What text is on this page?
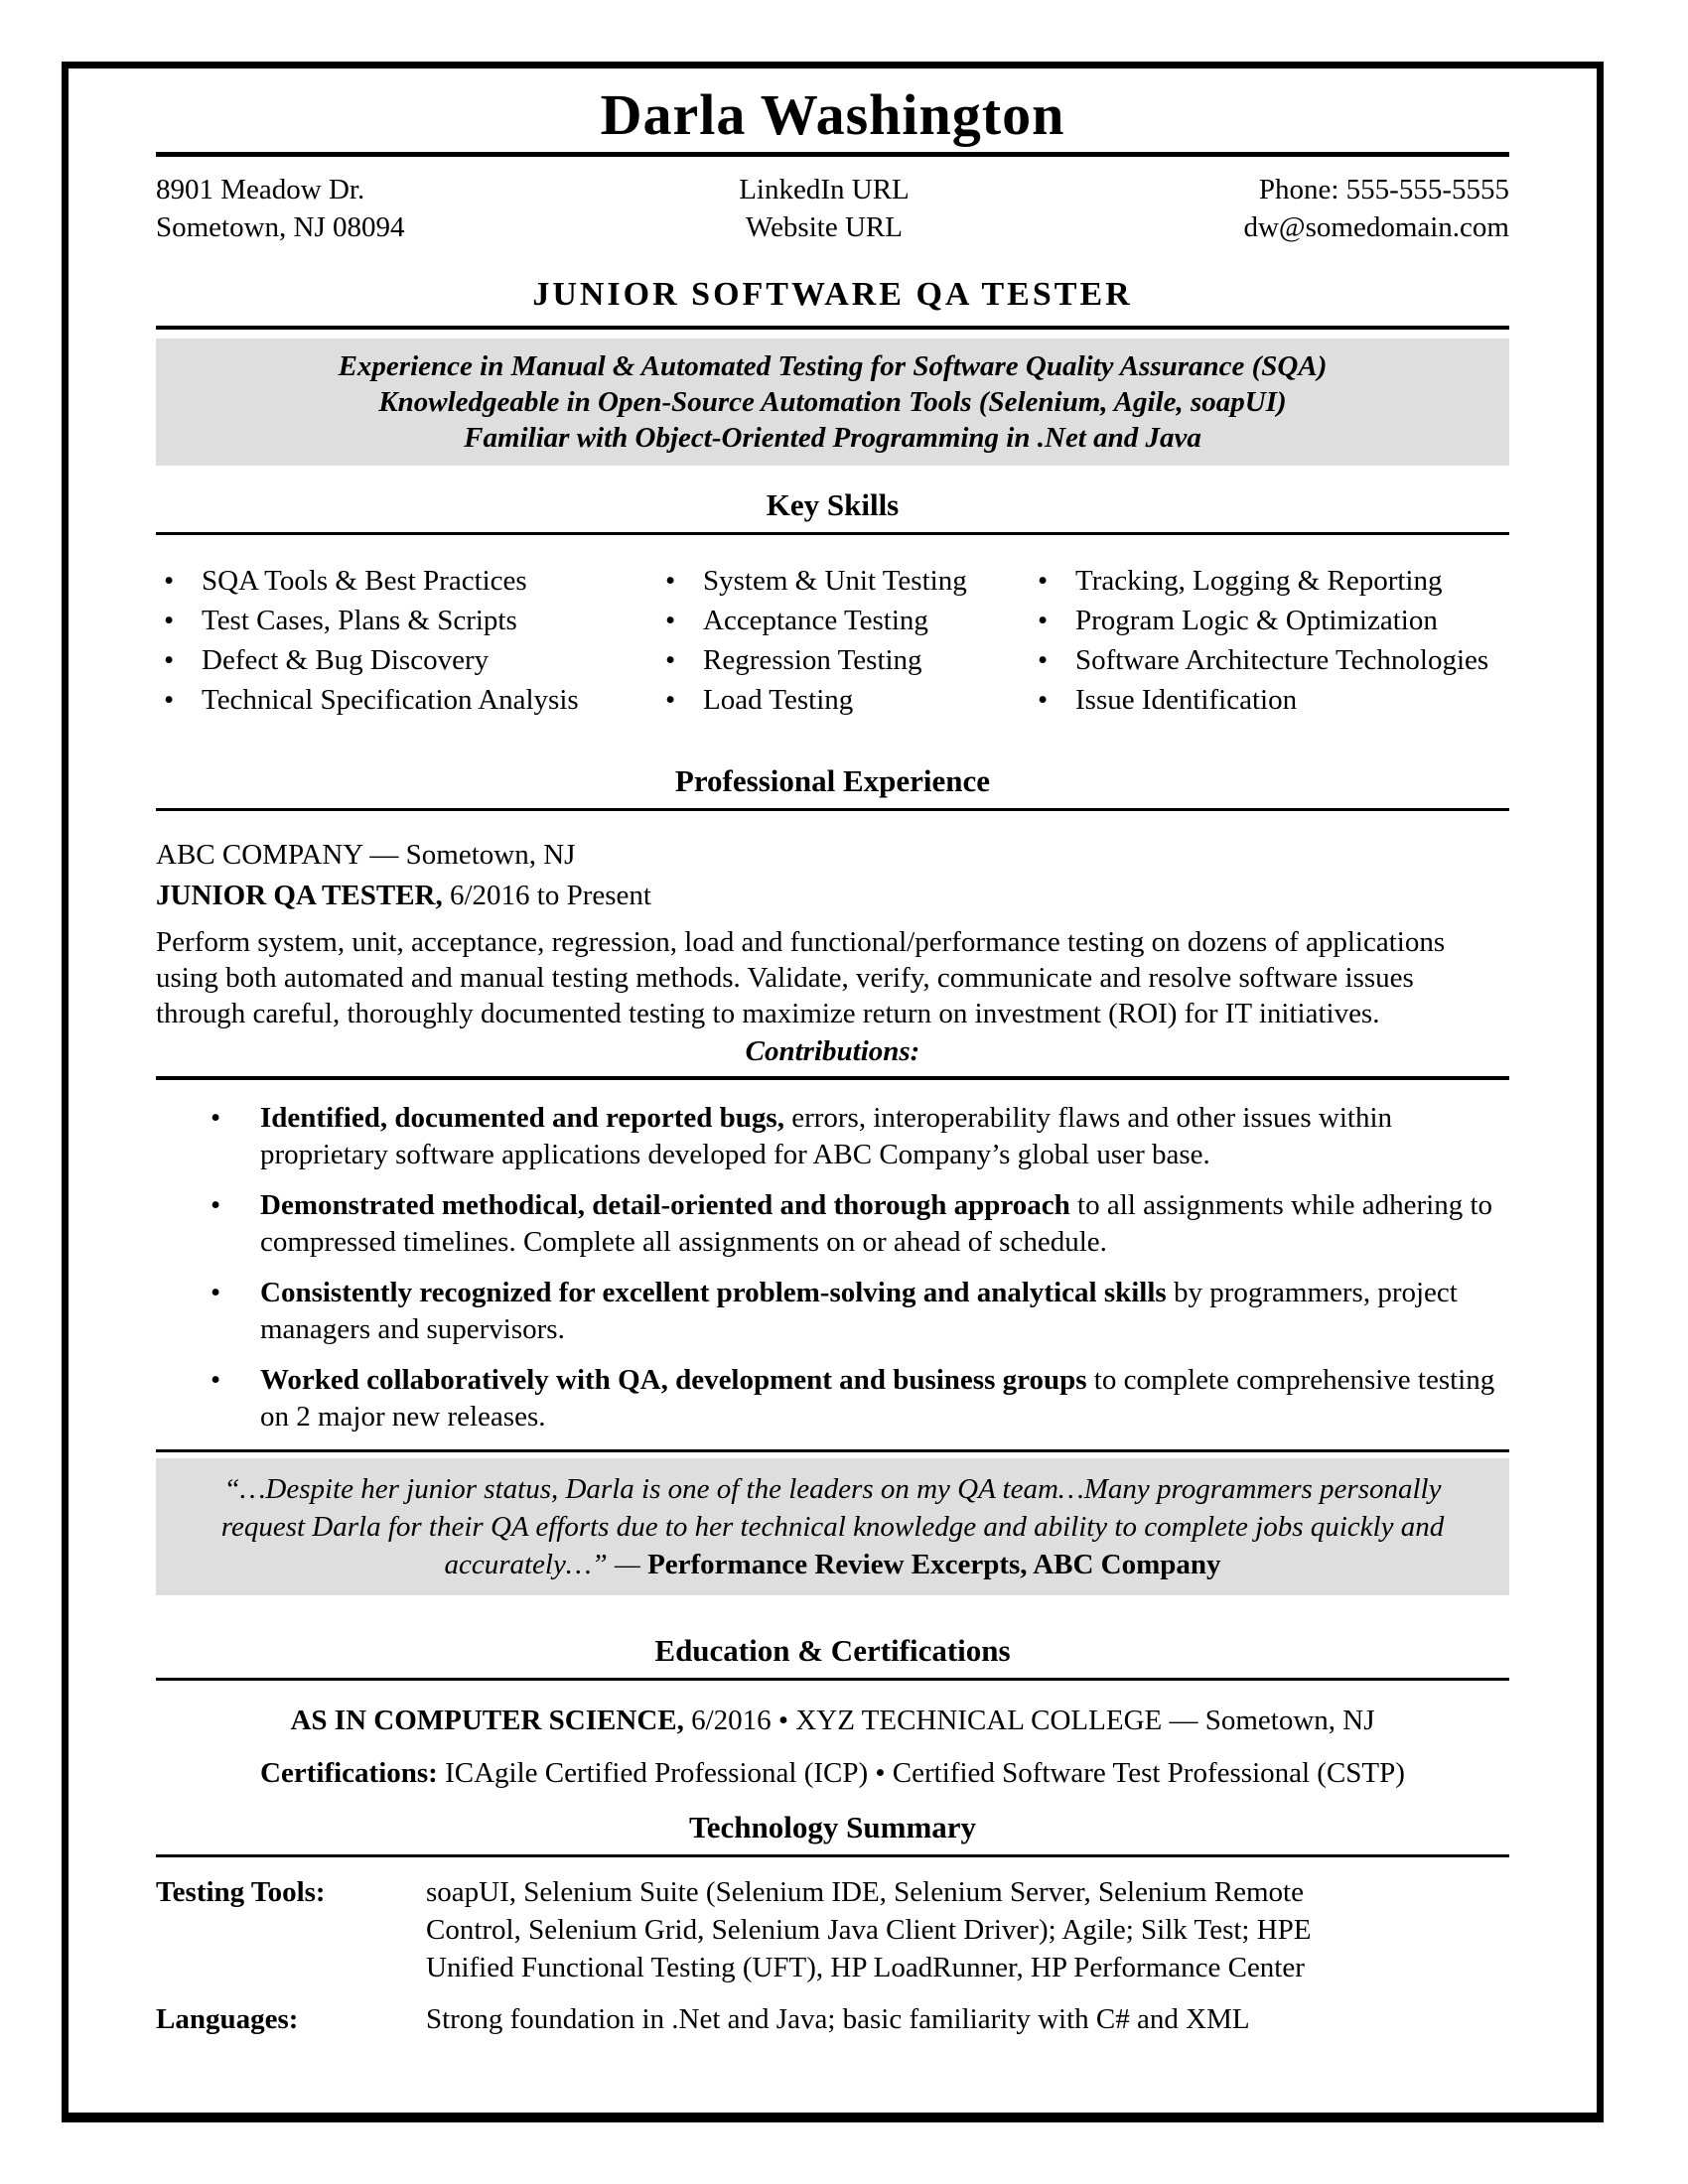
Darla Washington
8901 Meadow Dr.
Sometown, NJ 08094
LinkedIn URL
Website URL
Phone: 555-555-5555
dw@somedomain.com
JUNIOR SOFTWARE QA TESTER
Experience in Manual & Automated Testing for Software Quality Assurance (SQA)
Knowledgeable in Open-Source Automation Tools (Selenium, Agile, soapUI)
Familiar with Object-Oriented Programming in .Net and Java
Key Skills
• SQA Tools & Best Practices
• Test Cases, Plans & Scripts
• Defect & Bug Discovery
• Technical Specification Analysis
• System & Unit Testing
• Acceptance Testing
• Regression Testing
• Load Testing
• Tracking, Logging & Reporting
• Program Logic & Optimization
• Software Architecture Technologies
• Issue Identification
Professional Experience
ABC COMPANY — Sometown, NJ
JUNIOR QA TESTER, 6/2016 to Present
Perform system, unit, acceptance, regression, load and functional/performance testing on dozens of applications using both automated and manual testing methods. Validate, verify, communicate and resolve software issues through careful, thoroughly documented testing to maximize return on investment (ROI) for IT initiatives.
Contributions:
•	Identified, documented and reported bugs, errors, interoperability flaws and other issues within proprietary software applications developed for ABC Company’s global user base.
•	Demonstrated methodical, detail-oriented and thorough approach to all assignments while adhering to compressed timelines. Complete all assignments on or ahead of schedule.
•	Consistently recognized for excellent problem-solving and analytical skills by programmers, project managers and supervisors.
•	Worked collaboratively with QA, development and business groups to complete comprehensive testing on 2 major new releases.
“…Despite her junior status, Darla is one of the leaders on my QA team…Many programmers personally request Darla for their QA efforts due to her technical knowledge and ability to complete jobs quickly and accurately…” — Performance Review Excerpts, ABC Company
Education & Certifications
AS IN COMPUTER SCIENCE, 6/2016 • XYZ TECHNICAL COLLEGE — Sometown, NJ
Certifications: ICAgile Certified Professional (ICP) • Certified Software Test Professional (CSTP)
Technology Summary
Testing Tools:	soapUI, Selenium Suite (Selenium IDE, Selenium Server, Selenium Remote Control, Selenium Grid, Selenium Java Client Driver); Agile; Silk Test; HPE Unified Functional Testing (UFT), HP LoadRunner, HP Performance Center
Languages:	Strong foundation in .Net and Java; basic familiarity with C# and XML
